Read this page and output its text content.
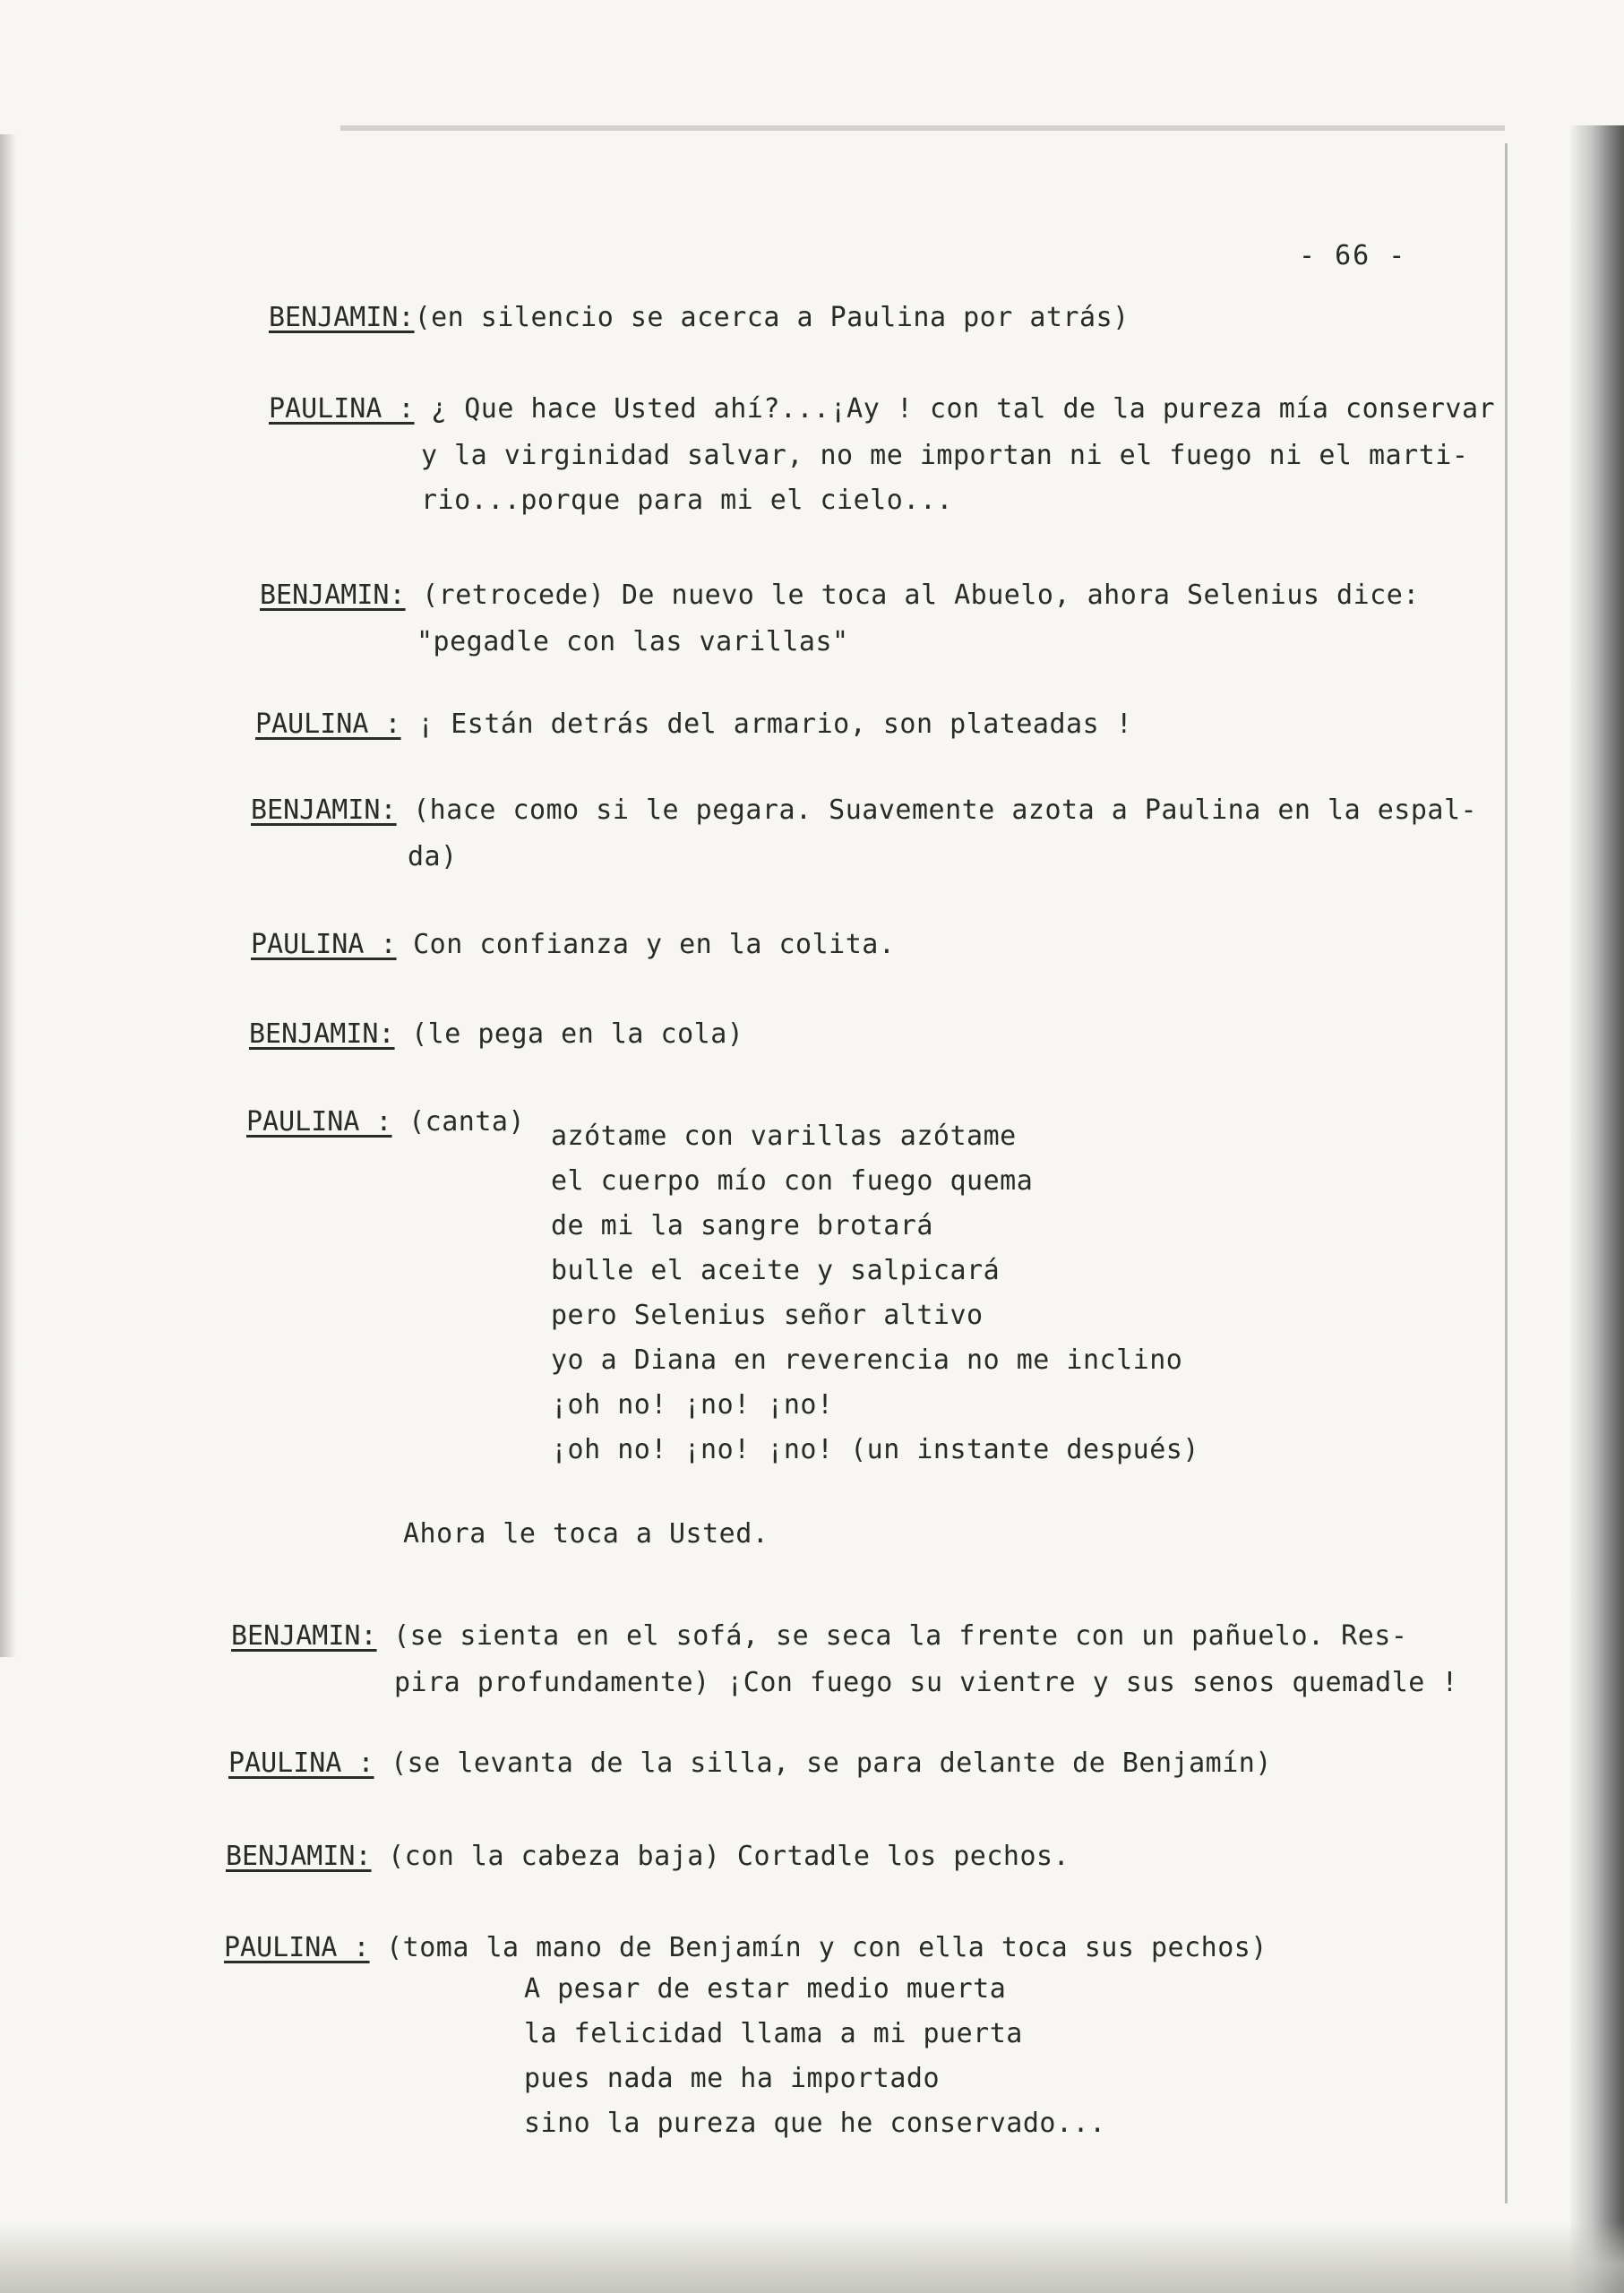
- 66 -
BENJAMIN:(en silencio se acerca a Paulina por atrás)
PAULINA : ¿ Que hace Usted ahí?...¡Ay ! con tal de la pureza mía conservar
y la virginidad salvar, no me importan ni el fuego ni el marti-
rio...porque para mi el cielo...
BENJAMIN: (retrocede) De nuevo le toca al Abuelo, ahora Selenius dice:
"pegadle con las varillas"
PAULINA : ¡ Están detrás del armario, son plateadas !
BENJAMIN: (hace como si le pegara. Suavemente azota a Paulina en la espal-
da)
PAULINA : Con confianza y en la colita.
BENJAMIN: (le pega en la cola)
PAULINA : (canta) azótame con varillas azótame
el cuerpo mío con fuego quema
de mi la sangre brotará
bulle el aceite y salpicará
pero Selenius señor altivo
yo a Diana en reverencia no me inclino
¡oh no! ¡no! ¡no!
¡oh no! ¡no! ¡no! (un instante después)
Ahora le toca a Usted.
BENJAMIN: (se sienta en el sofá, se seca la frente con un pañuelo. Res-
pira profundamente) ¡Con fuego su vientre y sus senos quemadle !
PAULINA : (se levanta de la silla, se para delante de Benjamín)
BENJAMIN: (con la cabeza baja) Cortadle los pechos.
PAULINA : (toma la mano de Benjamín y con ella toca sus pechos)
A pesar de estar medio muerta
la felicidad llama a mi puerta
pues nada me ha importado
sino la pureza que he conservado...
